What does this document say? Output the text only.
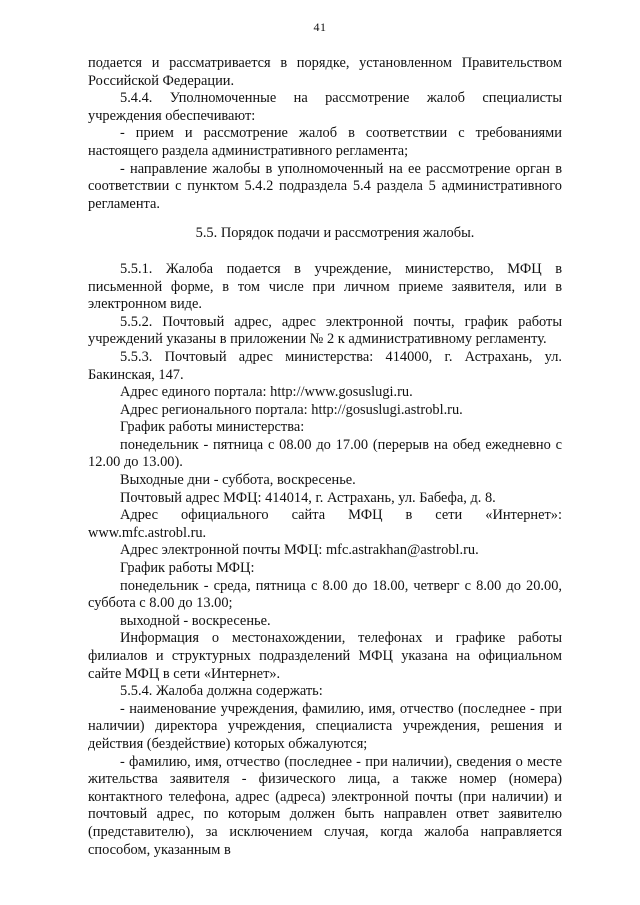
41

подается и рассматривается в порядке, установленном Правительством Российской Федерации.

5.4.4. Уполномоченные на рассмотрение жалоб специалисты учреждения обеспечивают:

- прием и рассмотрение жалоб в соответствии с требованиями настоящего раздела административного регламента;

- направление жалобы в уполномоченный на ее рассмотрение орган в соответствии с пунктом 5.4.2 подраздела 5.4 раздела 5 административного регламента.

5.5. Порядок подачи и рассмотрения жалобы.

5.5.1. Жалоба подается в учреждение, министерство, МФЦ в письменной форме, в том числе при личном приеме заявителя, или в электронном виде.

5.5.2. Почтовый адрес, адрес электронной почты, график работы учреждений указаны в приложении № 2 к административному регламенту.

5.5.3. Почтовый адрес министерства: 414000, г. Астрахань, ул. Бакинская, 147.

Адрес единого портала: http://www.gosuslugi.ru.

Адрес регионального портала: http://gosuslugi.astrobl.ru.

График работы министерства:

понедельник - пятница с 08.00 до 17.00 (перерыв на обед ежедневно с 12.00 до 13.00).

Выходные дни - суббота, воскресенье.

Почтовый адрес МФЦ: 414014, г. Астрахань, ул. Бабефа, д. 8.

Адрес официального сайта МФЦ в сети «Интернет»: www.mfc.astrobl.ru.

Адрес электронной почты МФЦ: mfc.astrakhan@astrobl.ru.

График работы МФЦ:

понедельник - среда, пятница с 8.00 до 18.00, четверг с 8.00 до 20.00, суббота с 8.00 до 13.00;

выходной - воскресенье.

Информация о местонахождении, телефонах и графике работы филиалов и структурных подразделений МФЦ указана на официальном сайте МФЦ в сети «Интернет».

5.5.4. Жалоба должна содержать:

- наименование учреждения, фамилию, имя, отчество (последнее - при наличии) директора учреждения, специалиста учреждения, решения и действия (бездействие) которых обжалуются;

- фамилию, имя, отчество (последнее - при наличии), сведения о месте жительства заявителя - физического лица, а также номер (номера) контактного телефона, адрес (адреса) электронной почты (при наличии) и почтовый адрес, по которым должен быть направлен ответ заявителю (представителю), за исключением случая, когда жалоба направляется способом, указанным в
